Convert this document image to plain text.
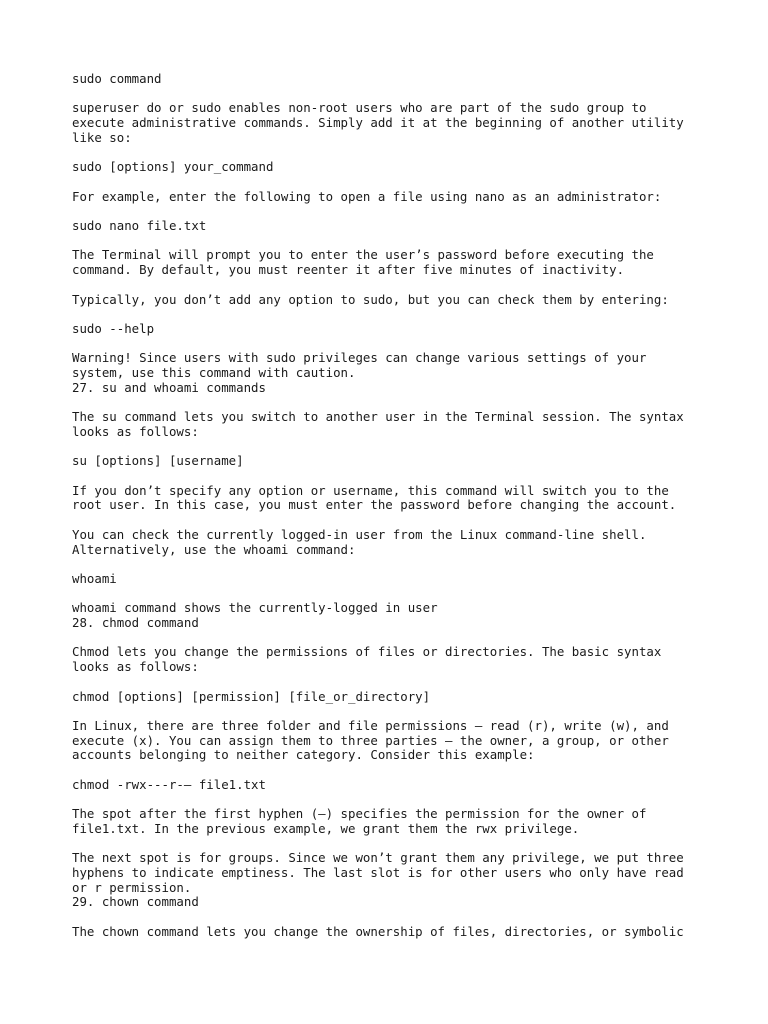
sudo command

superuser do or sudo enables non-root users who are part of the sudo group to
execute administrative commands. Simply add it at the beginning of another utility
like so:

sudo [options] your_command

For example, enter the following to open a file using nano as an administrator:

sudo nano file.txt

The Terminal will prompt you to enter the user’s password before executing the
command. By default, you must reenter it after five minutes of inactivity.

Typically, you don’t add any option to sudo, but you can check them by entering:

sudo --help

Warning! Since users with sudo privileges can change various settings of your
system, use this command with caution.
27. su and whoami commands

The su command lets you switch to another user in the Terminal session. The syntax
looks as follows:

su [options] [username]

If you don’t specify any option or username, this command will switch you to the
root user. In this case, you must enter the password before changing the account.

You can check the currently logged-in user from the Linux command-line shell.
Alternatively, use the whoami command:

whoami

whoami command shows the currently-logged in user
28. chmod command

Chmod lets you change the permissions of files or directories. The basic syntax
looks as follows:

chmod [options] [permission] [file_or_directory]

In Linux, there are three folder and file permissions – read (r), write (w), and
execute (x). You can assign them to three parties – the owner, a group, or other
accounts belonging to neither category. Consider this example:

chmod -rwx---r-– file1.txt

The spot after the first hyphen (–) specifies the permission for the owner of
file1.txt. In the previous example, we grant them the rwx privilege.

The next spot is for groups. Since we won’t grant them any privilege, we put three
hyphens to indicate emptiness. The last slot is for other users who only have read
or r permission.
29. chown command

The chown command lets you change the ownership of files, directories, or symbolic
